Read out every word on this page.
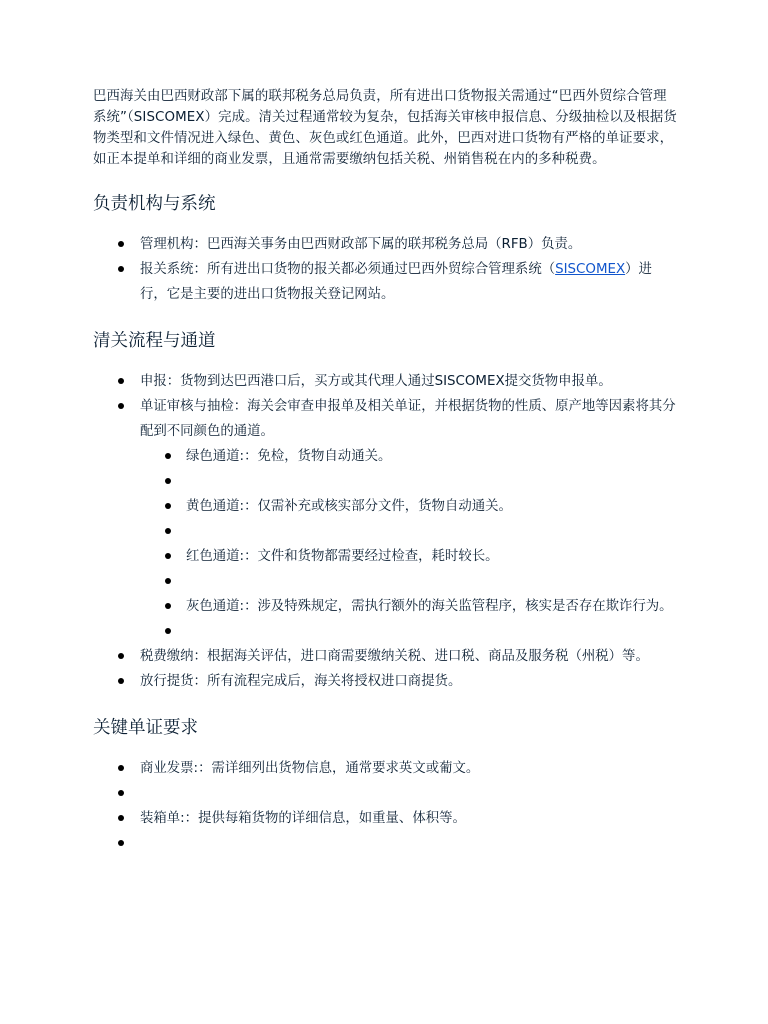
巴西海关由巴西财政部下属的联邦税务总局负责，所有进出口货物报关需通过“巴西外贸综合管理系统”（SISCOMEX）完成。清关过程通常较为复杂，包括海关审核申报信息、分级抽检以及根据货物类型和文件情况进入绿色、黄色、灰色或红色通道。此外，巴西对进口货物有严格的单证要求，如正本提单和详细的商业发票，且通常需要缴纳包括关税、州销售税在内的多种税费。

负责机构与系统
管理机构：巴西海关事务由巴西财政部下属的联邦税务总局（RFB）负责。
报关系统：所有进出口货物的报关都必须通过巴西外贸综合管理系统（SISCOMEX）进行，它是主要的进出口货物报关登记网站。
清关流程与通道
申报：货物到达巴西港口后，买方或其代理人通过SISCOMEX提交货物申报单。
单证审核与抽检：海关会审查申报单及相关单证，并根据货物的性质、原产地等因素将其分配到不同颜色的通道。
绿色通道:：免检，货物自动通关。

黄色通道:：仅需补充或核实部分文件，货物自动通关。

红色通道:：文件和货物都需要经过检查，耗时较长。

灰色通道:：涉及特殊规定，需执行额外的海关监管程序，核实是否存在欺诈行为。

税费缴纳：根据海关评估，进口商需要缴纳关税、进口税、商品及服务税（州税）等。
放行提货：所有流程完成后，海关将授权进口商提货。
关键单证要求
商业发票:：需详细列出货物信息，通常要求英文或葡文。

装箱单:：提供每箱货物的详细信息，如重量、体积等。
